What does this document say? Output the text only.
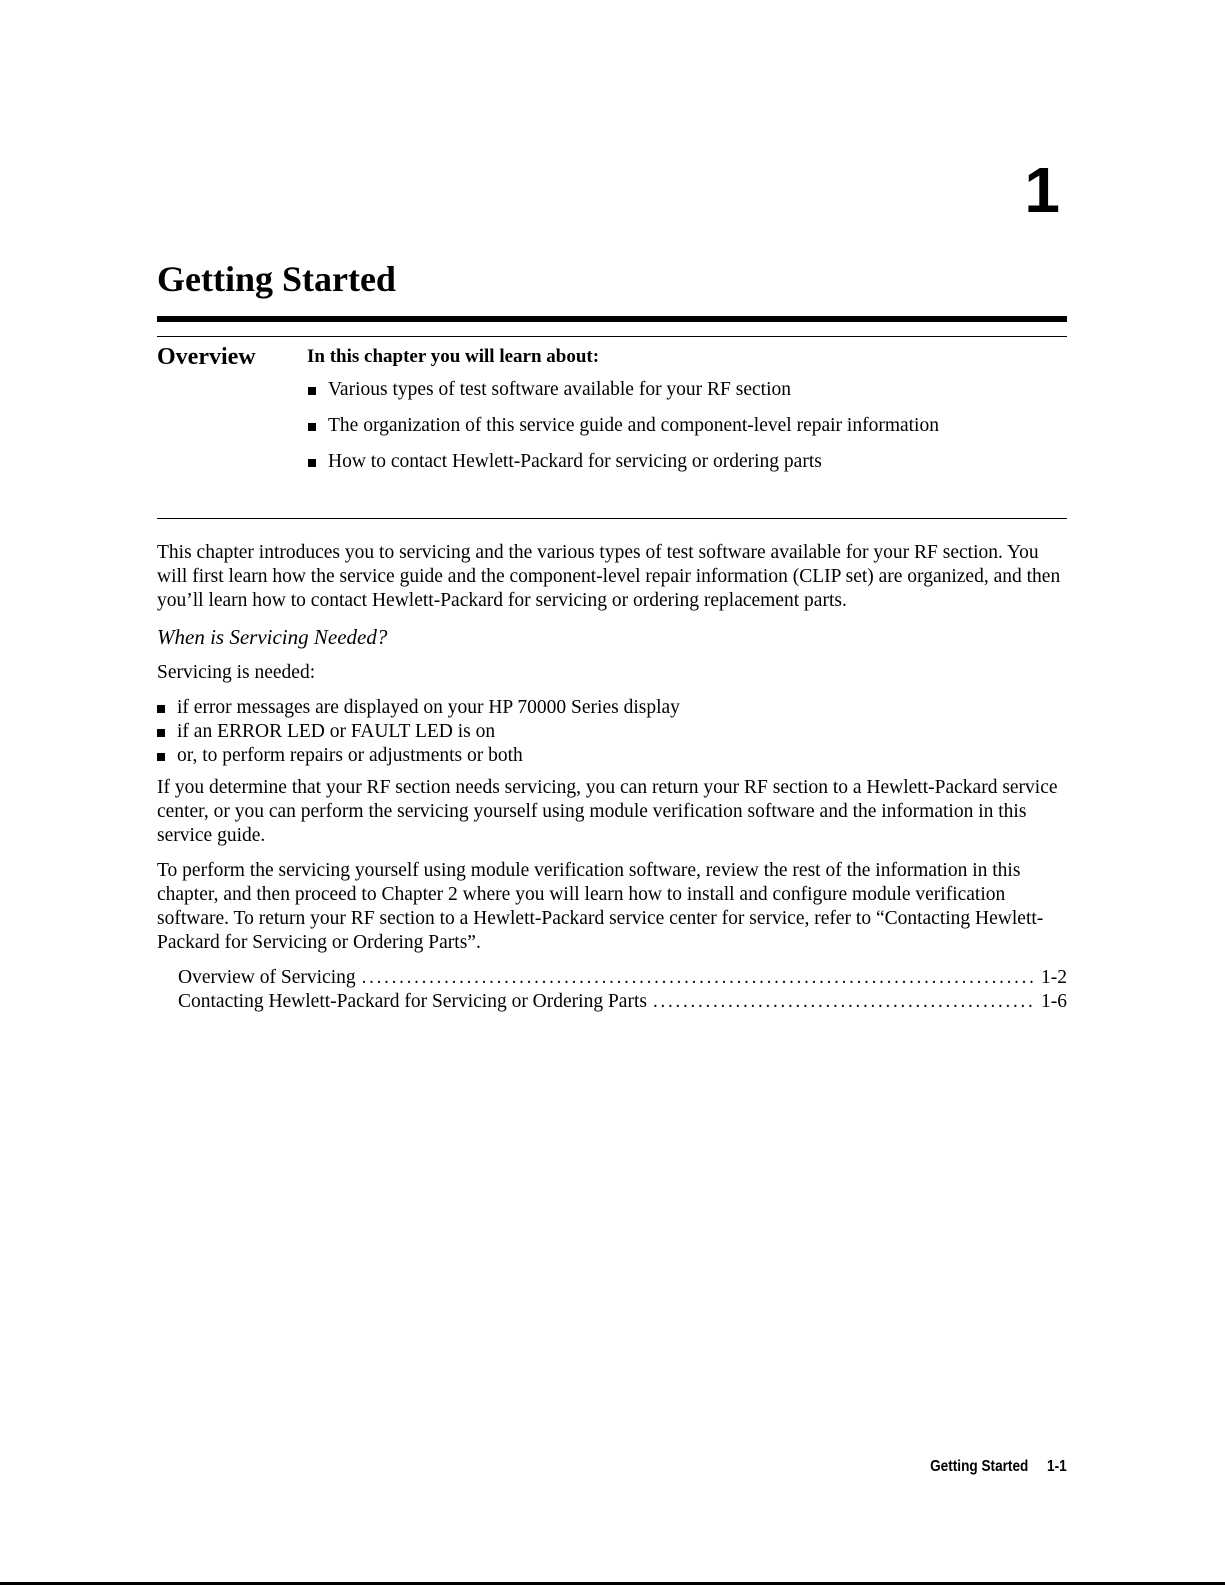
1
Getting Started
Overview	In this chapter you will learn about:

Various types of test software available for your RF section
The organization of this service guide and component-level repair information
How to contact Hewlett-Packard for servicing or ordering parts

This chapter introduces you to servicing and the various types of test software available for your RF section. You will first learn how the service guide and the component-level repair information (CLIP set) are organized, and then you’ll learn how to contact Hewlett-Packard for servicing or ordering replacement parts.

When is Servicing Needed?

Servicing is needed:

if error messages are displayed on your HP 70000 Series display
if an ERROR LED or FAULT LED is on
or, to perform repairs or adjustments or both

If you determine that your RF section needs servicing, you can return your RF section to a Hewlett-Packard service center, or you can perform the servicing yourself using module verification software and the information in this service guide.

To perform the servicing yourself using module verification software, review the rest of the information in this chapter, and then proceed to Chapter 2 where you will learn how to install and configure module verification software. To return your RF section to a Hewlett-Packard service center for service, refer to “Contacting Hewlett-Packard for Servicing or Ordering Parts”.

Overview of Servicing . . .	1-2
Contacting Hewlett-Packard for Servicing or Ordering Parts . . .	1-6
Getting Started 1-1
